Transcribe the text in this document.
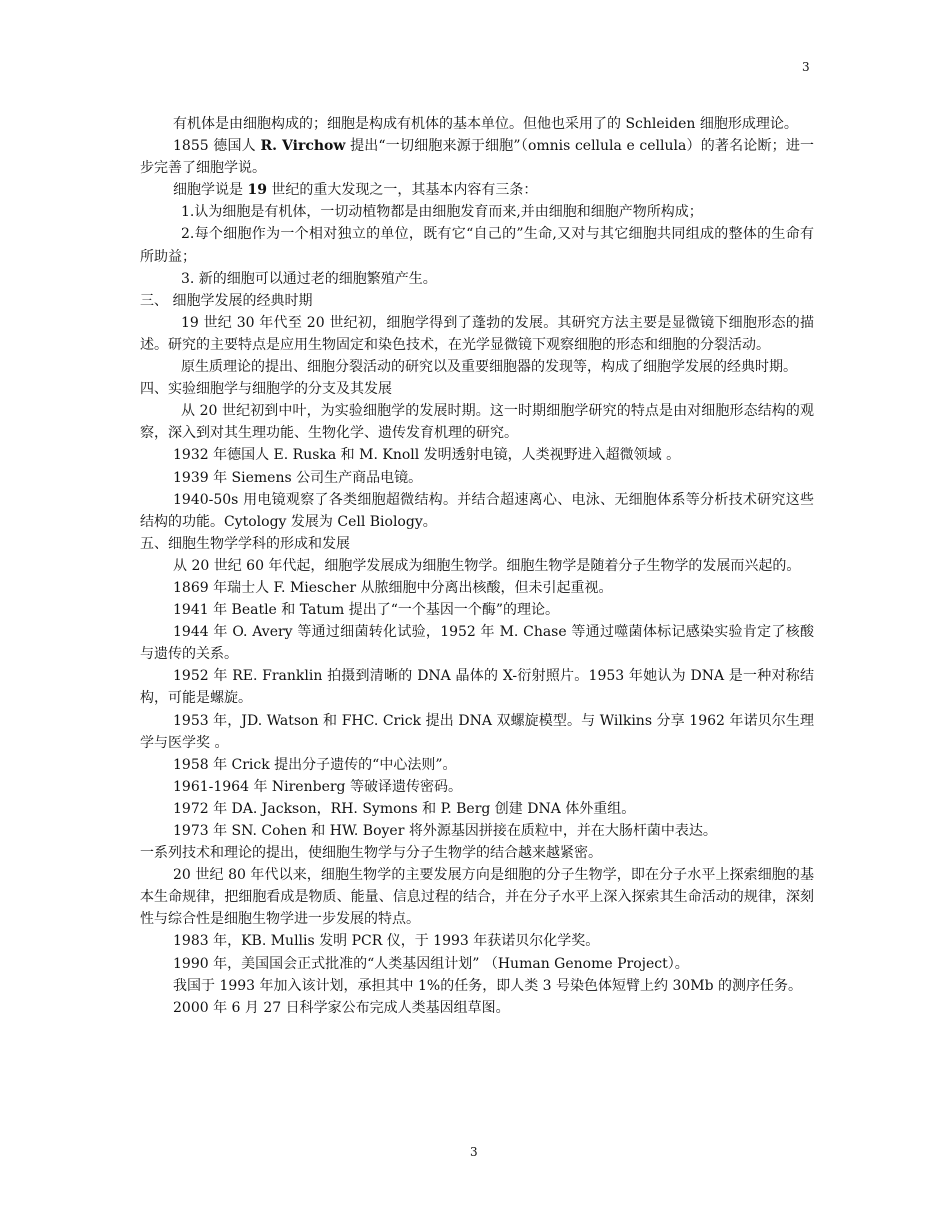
3

有机体是由细胞构成的；细胞是构成有机体的基本单位。但他也采用了的 Schleiden 细胞形成理论。

1855 德国人 R. Virchow 提出“一切细胞来源于细胞”（omnis cellula e cellula）的著名论断；进一步完善了细胞学说。

细胞学说是 19 世纪的重大发现之一，其基本内容有三条：

1.认为细胞是有机体，一切动植物都是由细胞发育而来,并由细胞和细胞产物所构成；

2.每个细胞作为一个相对独立的单位，既有它“自己的”生命,又对与其它细胞共同组成的整体的生命有所助益；

3. 新的细胞可以通过老的细胞繁殖产生。

三、 细胞学发展的经典时期

19 世纪 30 年代至 20 世纪初，细胞学得到了蓬勃的发展。其研究方法主要是显微镜下细胞形态的描述。研究的主要特点是应用生物固定和染色技术，在光学显微镜下观察细胞的形态和细胞的分裂活动。

原生质理论的提出、细胞分裂活动的研究以及重要细胞器的发现等，构成了细胞学发展的经典时期。

四、实验细胞学与细胞学的分支及其发展

从 20 世纪初到中叶，为实验细胞学的发展时期。这一时期细胞学研究的特点是由对细胞形态结构的观察，深入到对其生理功能、生物化学、遗传发育机理的研究。

1932 年德国人 E. Ruska 和 M. Knoll 发明透射电镜，人类视野进入超微领域 。

1939 年 Siemens 公司生产商品电镜。

1940-50s 用电镜观察了各类细胞超微结构。并结合超速离心、电泳、无细胞体系等分析技术研究这些结构的功能。Cytology 发展为 Cell Biology。

五、细胞生物学学科的形成和发展

从 20 世纪 60 年代起，细胞学发展成为细胞生物学。细胞生物学是随着分子生物学的发展而兴起的。

1869 年瑞士人 F. Miescher 从脓细胞中分离出核酸，但未引起重视。

1941 年 Beatle 和 Tatum 提出了“一个基因一个酶”的理论。

1944 年 O. Avery 等通过细菌转化试验，1952 年 M. Chase 等通过噬菌体标记感染实验肯定了核酸与遗传的关系。

1952 年 RE. Franklin 拍摄到清晰的 DNA 晶体的 X-衍射照片。1953 年她认为 DNA 是一种对称结构，可能是螺旋。

1953 年，JD. Watson 和 FHC. Crick 提出 DNA 双螺旋模型。与 Wilkins 分享 1962 年诺贝尔生理学与医学奖 。

1958 年 Crick 提出分子遗传的“中心法则”。

1961-1964 年 Nirenberg 等破译遗传密码。

1972 年 DA. Jackson，RH. Symons 和 P. Berg 创建 DNA 体外重组。

1973 年 SN. Cohen 和 HW. Boyer 将外源基因拼接在质粒中，并在大肠杆菌中表达。

一系列技术和理论的提出，使细胞生物学与分子生物学的结合越来越紧密。

20 世纪 80 年代以来，细胞生物学的主要发展方向是细胞的分子生物学，即在分子水平上探索细胞的基本生命规律，把细胞看成是物质、能量、信息过程的结合，并在分子水平上深入探索其生命活动的规律，深刻性与综合性是细胞生物学进一步发展的特点。

1983 年，KB. Mullis 发明 PCR 仪，于 1993 年获诺贝尔化学奖。

1990 年，美国国会正式批准的“人类基因组计划” （Human Genome Project）。

我国于 1993 年加入该计划，承担其中 1%的任务，即人类 3 号染色体短臂上约 30Mb 的测序任务。

2000 年 6 月 27 日科学家公布完成人类基因组草图。

3
